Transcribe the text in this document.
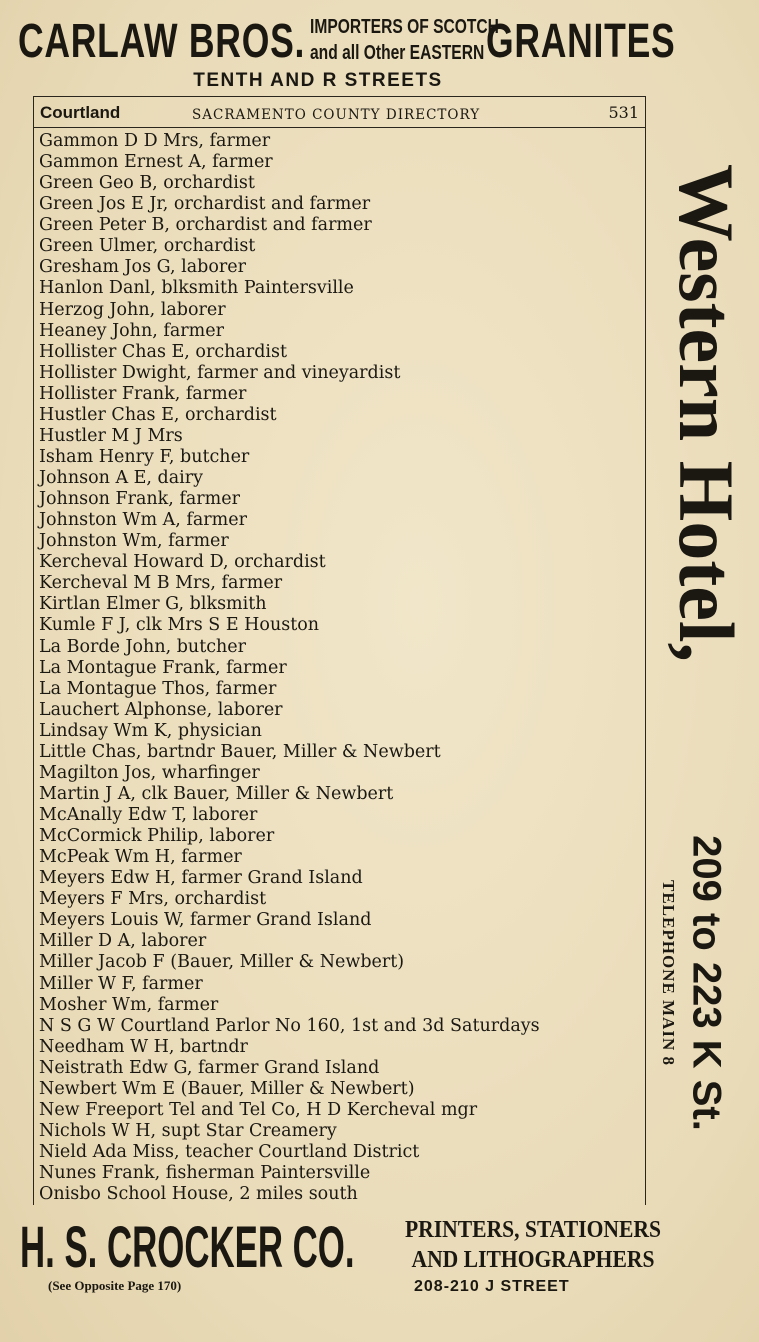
CARLAW BROS. IMPORTERS OF SCOTCH
and all Other EASTERN GRANITES
TENTH AND R STREETS
Courtland	SACRAMENTO COUNTY DIRECTORY	531
Gammon D D Mrs, farmer
Gammon Ernest A, farmer
Green Geo B, orchardist
Green Jos E Jr, orchardist and farmer
Green Peter B, orchardist and farmer
Green Ulmer, orchardist
Gresham Jos G, laborer
Hanlon Danl, blksmith Paintersville
Herzog John, laborer
Heaney John, farmer
Hollister Chas E, orchardist
Hollister Dwight, farmer and vineyardist
Hollister Frank, farmer
Hustler Chas E, orchardist
Hustler M J Mrs
Isham Henry F, butcher
Johnson A E, dairy
Johnson Frank, farmer
Johnston Wm A, farmer
Johnston Wm, farmer
Kercheval Howard D, orchardist
Kercheval M B Mrs, farmer
Kirtlan Elmer G, blksmith
Kumle F J, clk Mrs S E Houston
La Borde John, butcher
La Montague Frank, farmer
La Montague Thos, farmer
Lauchert Alphonse, laborer
Lindsay Wm K, physician
Little Chas, bartndr Bauer, Miller & Newbert
Magilton Jos, wharfinger
Martin J A, clk Bauer, Miller & Newbert
McAnally Edw T, laborer
McCormick Philip, laborer
McPeak Wm H, farmer
Meyers Edw H, farmer Grand Island
Meyers F Mrs, orchardist
Meyers Louis W, farmer Grand Island
Miller D A, laborer
Miller Jacob F (Bauer, Miller & Newbert)
Miller W F, farmer
Mosher Wm, farmer
N S G W Courtland Parlor No 160, 1st and 3d Saturdays
Needham W H, bartndr
Neistrath Edw G, farmer Grand Island
Newbert Wm E (Bauer, Miller & Newbert)
New Freeport Tel and Tel Co, H D Kercheval mgr
Nichols W H, supt Star Creamery
Nield Ada Miss, teacher Courtland District
Nunes Frank, fisherman Paintersville
Onisbo School House, 2 miles south
Western Hotel,
209 to 223 K St.
TELEPHONE MAIN 8
H. S. CROCKER CO. PRINTERS, STATIONERS
AND LITHOGRAPHERS
(See Opposite Page 170)	208-210 J STREET
